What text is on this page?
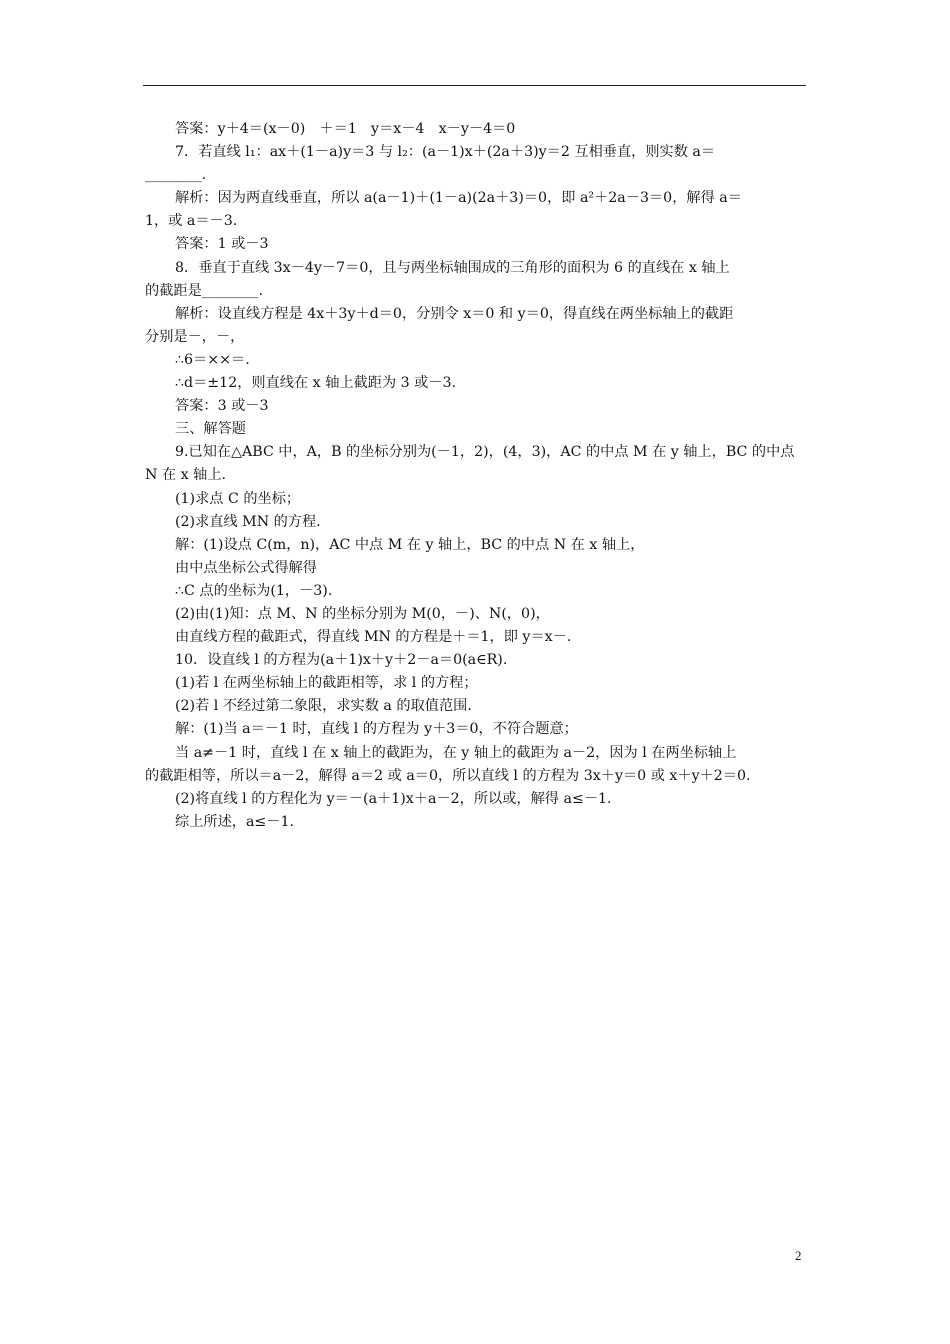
答案：y＋4＝(x－0)　＋＝1　y＝x－4　x－y－4＝0
7．若直线 l₁：ax＋(1－a)y＝3 与 l₂：(a－1)x＋(2a＋3)y＝2 互相垂直，则实数 a＝
________.
解析：因为两直线垂直，所以 a(a－1)＋(1－a)(2a＋3)＝0，即 a²＋2a－3＝0，解得 a＝
1，或 a＝－3.
答案：1 或－3
8．垂直于直线 3x－4y－7＝0，且与两坐标轴围成的三角形的面积为 6 的直线在 x 轴上
的截距是________.
解析：设直线方程是 4x＋3y＋d＝0，分别令 x＝0 和 y＝0，得直线在两坐标轴上的截距
分别是－，－，
∴6＝××＝.
∴d＝±12，则直线在 x 轴上截距为 3 或－3.
答案：3 或－3
三、解答题
9.已知在△ABC 中，A，B 的坐标分别为(－1，2)，(4，3)，AC 的中点 M 在 y 轴上，BC 的中点
N 在 x 轴上.
(1)求点 C 的坐标；
(2)求直线 MN 的方程.
解：(1)设点 C(m，n)，AC 中点 M 在 y 轴上，BC 的中点 N 在 x 轴上，
由中点坐标公式得解得
∴C 点的坐标为(1，－3).
(2)由(1)知：点 M、N 的坐标分别为 M(0，－)、N(，0)，
由直线方程的截距式，得直线 MN 的方程是＋＝1，即 y＝x－.
10．设直线 l 的方程为(a＋1)x＋y＋2－a＝0(a∈R).
(1)若 l 在两坐标轴上的截距相等，求 l 的方程；
(2)若 l 不经过第二象限，求实数 a 的取值范围.
解：(1)当 a＝－1 时，直线 l 的方程为 y＋3＝0，不符合题意；
当 a≠－1 时，直线 l 在 x 轴上的截距为，在 y 轴上的截距为 a－2，因为 l 在两坐标轴上
的截距相等，所以＝a－2，解得 a＝2 或 a＝0，所以直线 l 的方程为 3x＋y＝0 或 x＋y＋2＝0.
(2)将直线 l 的方程化为 y＝－(a＋1)x＋a－2，所以或，解得 a≤－1.
综上所述，a≤－1.
2
